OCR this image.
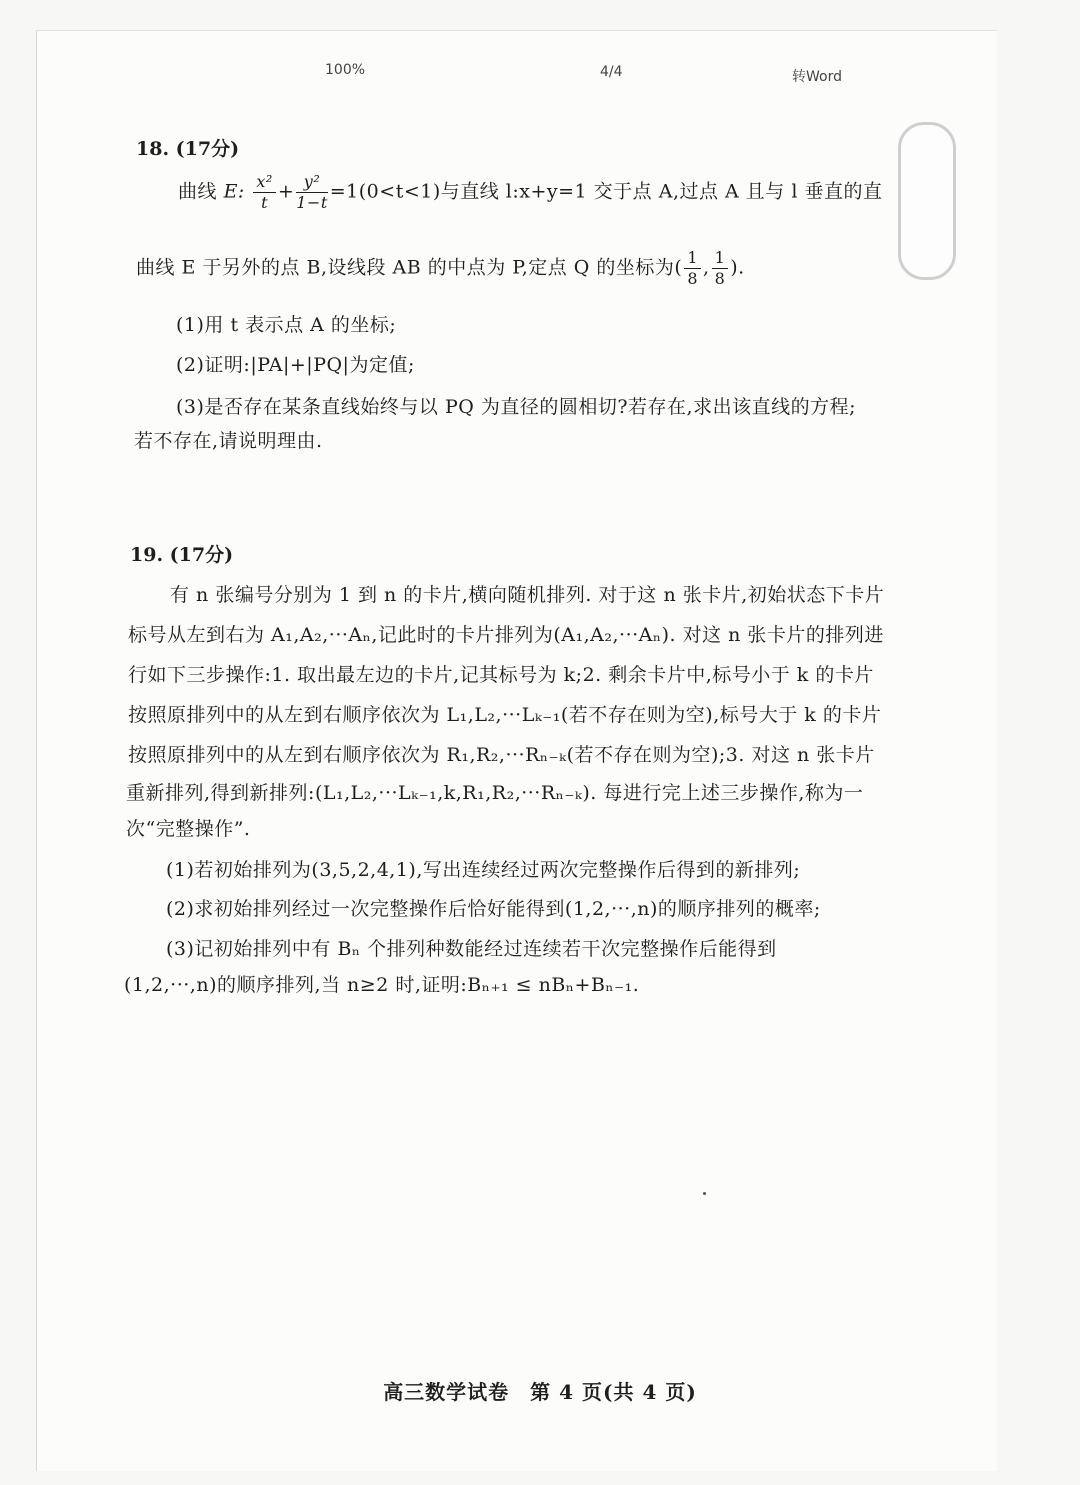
100%	4/4	转Word
18. (17分)
曲线 E: $\frac{\text{x²}}{t} + \frac{\text{y²}}{1-t} =1(0<t<1)$与直线 l:x+y=1 交于点 A,过点 A 且与 l 垂直的直
曲线 E 于另外的点 B,设线段 AB 的中点为 P,定点 Q 的坐标为( $\frac{1}{8}$ , $\frac{1}{8}$ ).
(1)用 t 表示点 A 的坐标;
(2)证明:|PA|+|PQ|为定值;
(3)是否存在某条直线始终与以 PQ 为直径的圆相切?若存在,求出该直线的方程;
若不存在,请说明理由.
19. (17分)
有 n 张编号分别为 1 到 n 的卡片,横向随机排列. 对于这 n 张卡片,初始状态下卡片
标号从左到右为 A₁,A₂,···Aₙ,记此时的卡片排列为(A₁,A₂,···Aₙ). 对这 n 张卡片的排列进
行如下三步操作:1. 取出最左边的卡片,记其标号为 k;2. 剩余卡片中,标号小于 k 的卡片
按照原排列中的从左到右顺序依次为 L₁,L₂,···Lₖ₋₁(若不存在则为空),标号大于 k 的卡片
按照原排列中的从左到右顺序依次为 R₁,R₂,···Rₙ₋ₖ(若不存在则为空);3. 对这 n 张卡片
重新排列,得到新排列:(L₁,L₂,···Lₖ₋₁,k,R₁,R₂,···Rₙ₋ₖ). 每进行完上述三步操作,称为一
次“完整操作”.
(1)若初始排列为(3,5,2,4,1),写出连续经过两次完整操作后得到的新排列;
(2)求初始排列经过一次完整操作后恰好能得到(1,2,···,n)的顺序排列的概率;
(3)记初始排列中有 Bₙ 个排列种数能经过连续若干次完整操作后能得到
(1,2,···,n)的顺序排列,当 n≥2 时,证明:Bₙ₊₁ ≤ nBₙ+Bₙ₋₁.
高三数学试卷　第 4 页(共 4 页)
